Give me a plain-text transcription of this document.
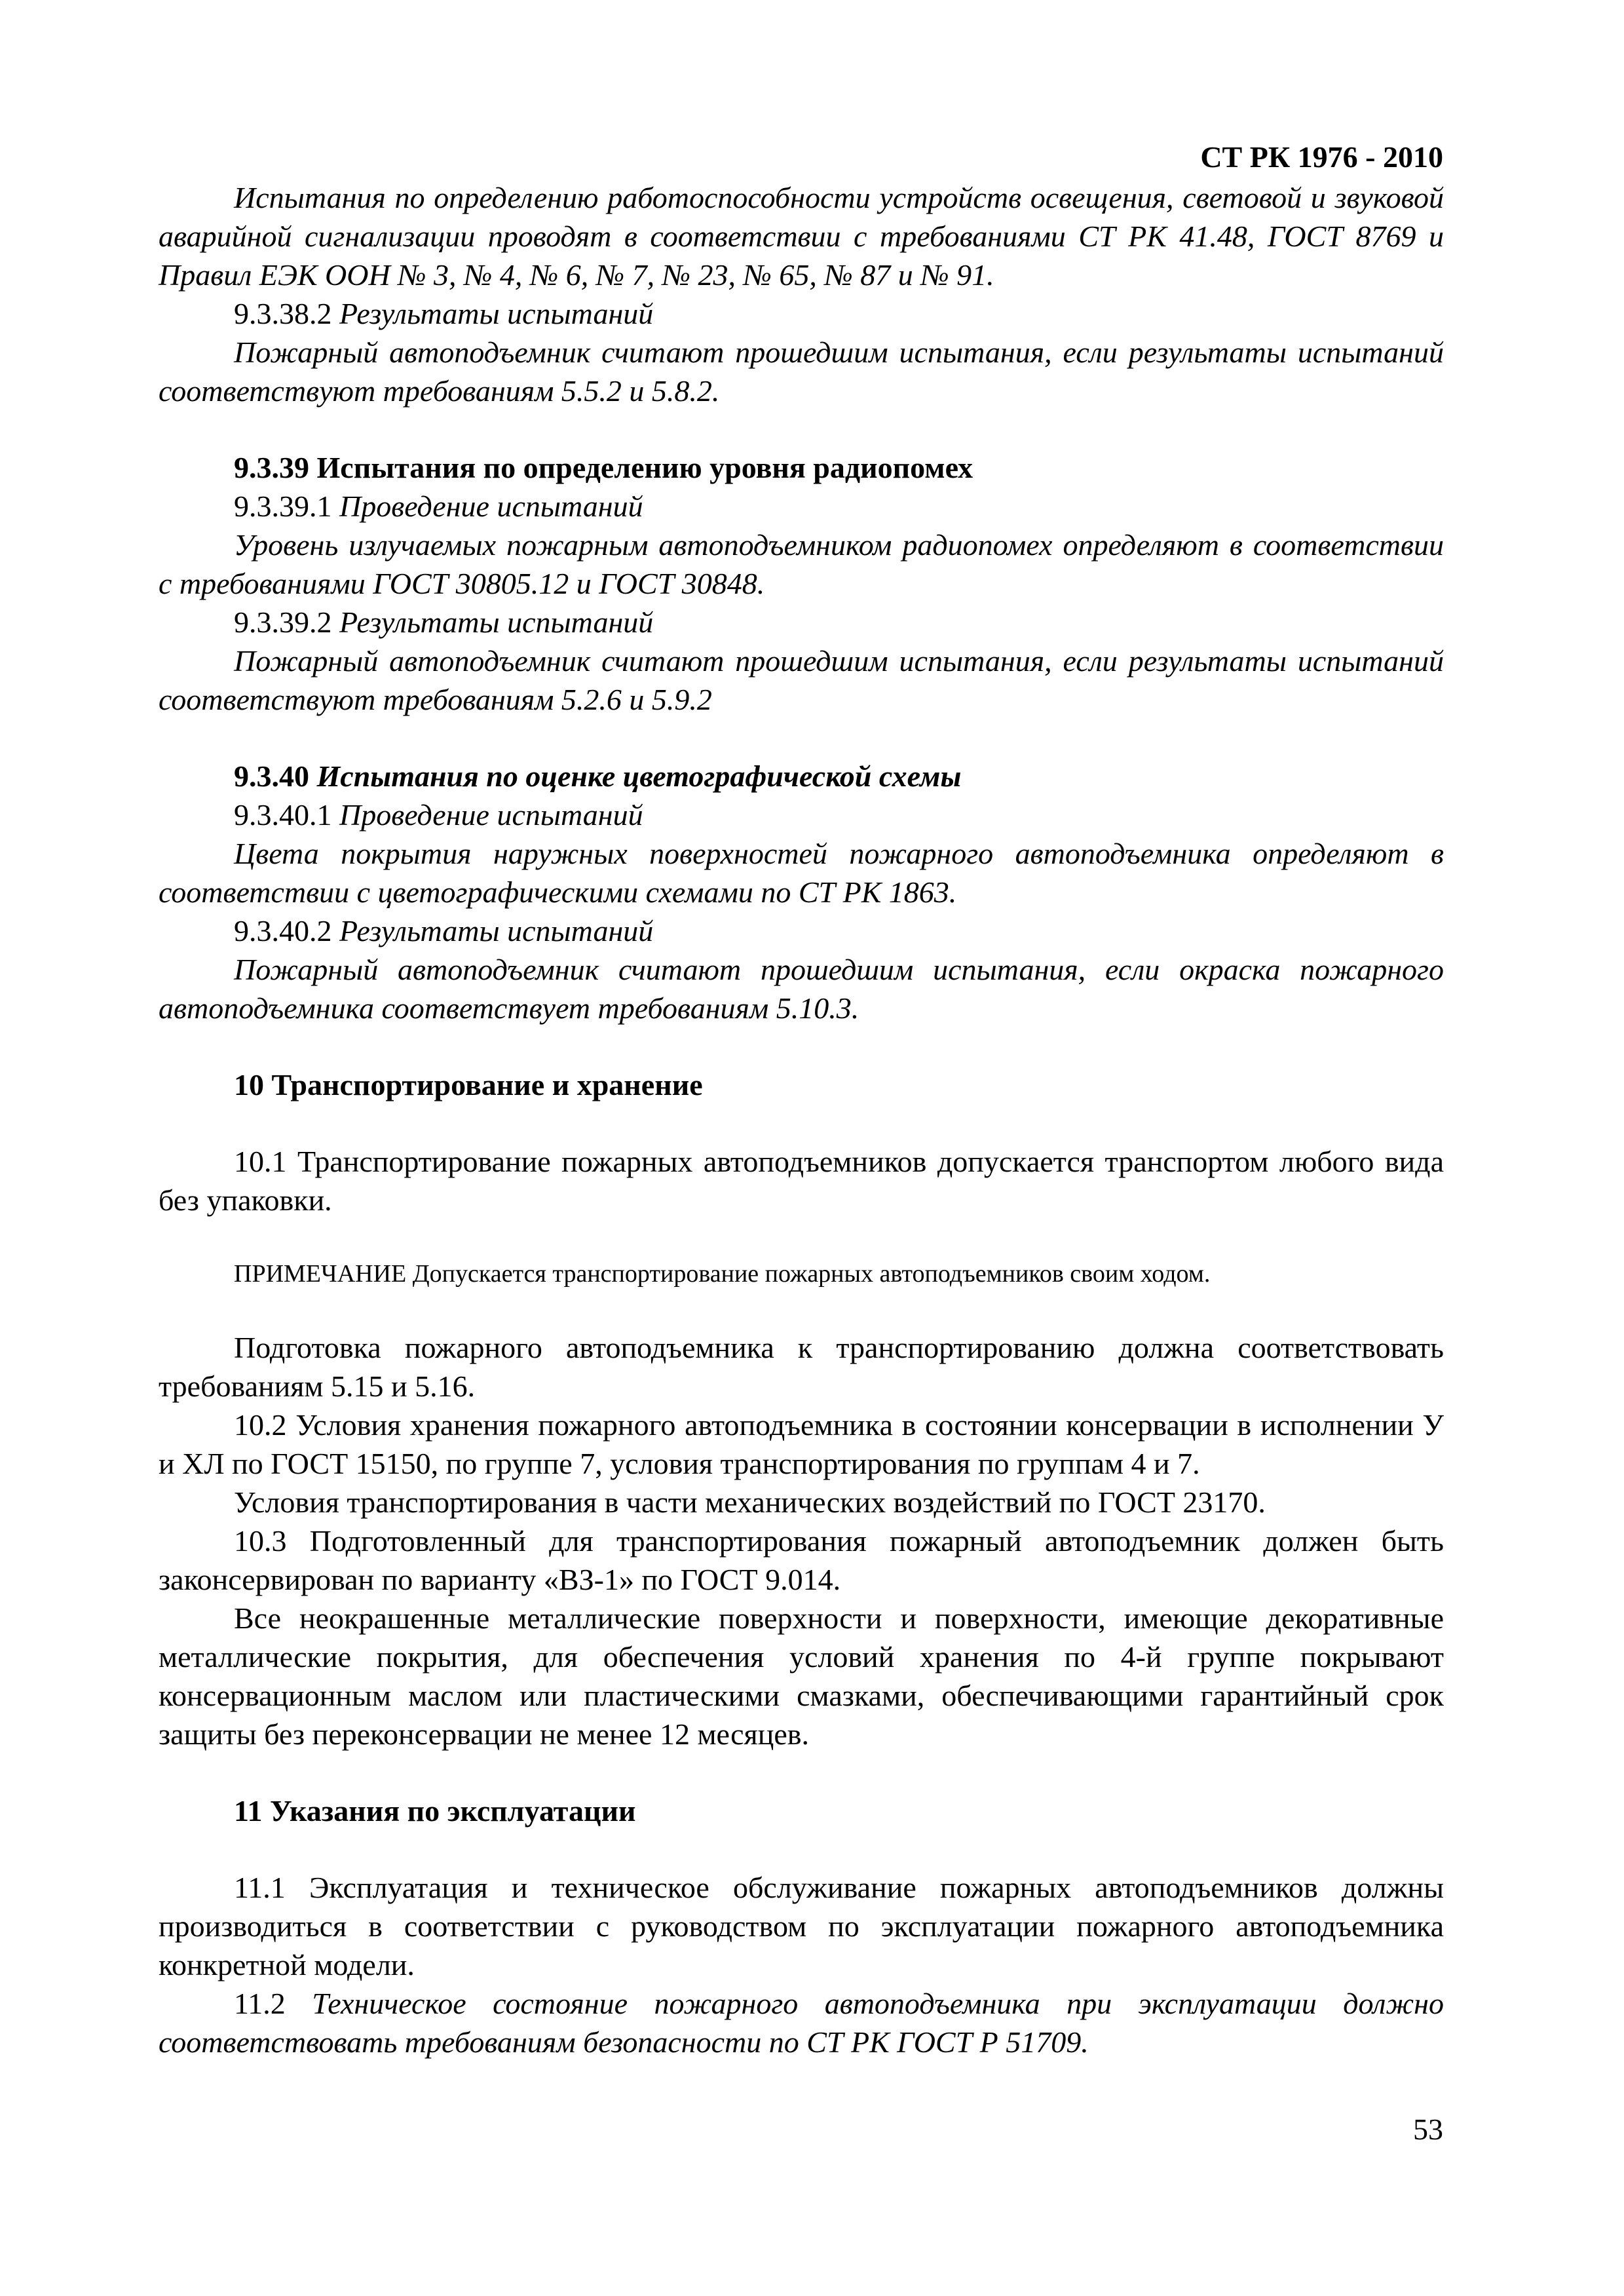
СТ РК 1976 - 2010

Испытания по определению работоспособности устройств освещения, световой и звуковой аварийной сигнализации проводят в соответствии с требованиями СТ РК 41.48, ГОСТ 8769 и Правил ЕЭК ООН № 3, № 4, № 6, № 7, № 23, № 65, № 87 и № 91.

9.3.38.2 Результаты испытаний

Пожарный автоподъемник считают прошедшим испытания, если результаты испытаний соответствуют требованиям 5.5.2 и 5.8.2.

9.3.39 Испытания по определению уровня радиопомех

9.3.39.1 Проведение испытаний

Уровень излучаемых пожарным автоподъемником радиопомех определяют в соответствии с требованиями ГОСТ 30805.12 и ГОСТ 30848.

9.3.39.2 Результаты испытаний

Пожарный автоподъемник считают прошедшим испытания, если результаты испытаний соответствуют требованиям 5.2.6 и 5.9.2

9.3.40 Испытания по оценке цветографической схемы

9.3.40.1 Проведение испытаний

Цвета покрытия наружных поверхностей пожарного автоподъемника определяют в соответствии с цветографическими схемами по СТ РК 1863.

9.3.40.2 Результаты испытаний

Пожарный автоподъемник считают прошедшим испытания, если окраска пожарного автоподъемника соответствует требованиям 5.10.3.

10 Транспортирование и хранение

10.1 Транспортирование пожарных автоподъемников допускается транспортом любого вида без упаковки.

ПРИМЕЧАНИЕ Допускается транспортирование пожарных автоподъемников своим ходом.

Подготовка пожарного автоподъемника к транспортированию должна соответствовать требованиям 5.15 и 5.16.

10.2 Условия хранения пожарного автоподъемника в состоянии консервации в исполнении У и ХЛ по ГОСТ 15150, по группе 7, условия транспортирования по группам 4 и 7.

Условия транспортирования в части механических воздействий по ГОСТ 23170.

10.3 Подготовленный для транспортирования пожарный автоподъемник должен быть законсервирован по варианту «ВЗ-1» по ГОСТ 9.014.

Все неокрашенные металлические поверхности и поверхности, имеющие декоративные металлические покрытия, для обеспечения условий хранения по 4-й группе покрывают консервационным маслом или пластическими смазками, обеспечивающими гарантийный срок защиты без переконсервации не менее 12 месяцев.

11 Указания по эксплуатации

11.1 Эксплуатация и техническое обслуживание пожарных автоподъемников должны производиться в соответствии с руководством по эксплуатации пожарного автоподъемника конкретной модели.

11.2 Техническое состояние пожарного автоподъемника при эксплуатации должно соответствовать требованиям безопасности по СТ РК ГОСТ Р 51709.

53
